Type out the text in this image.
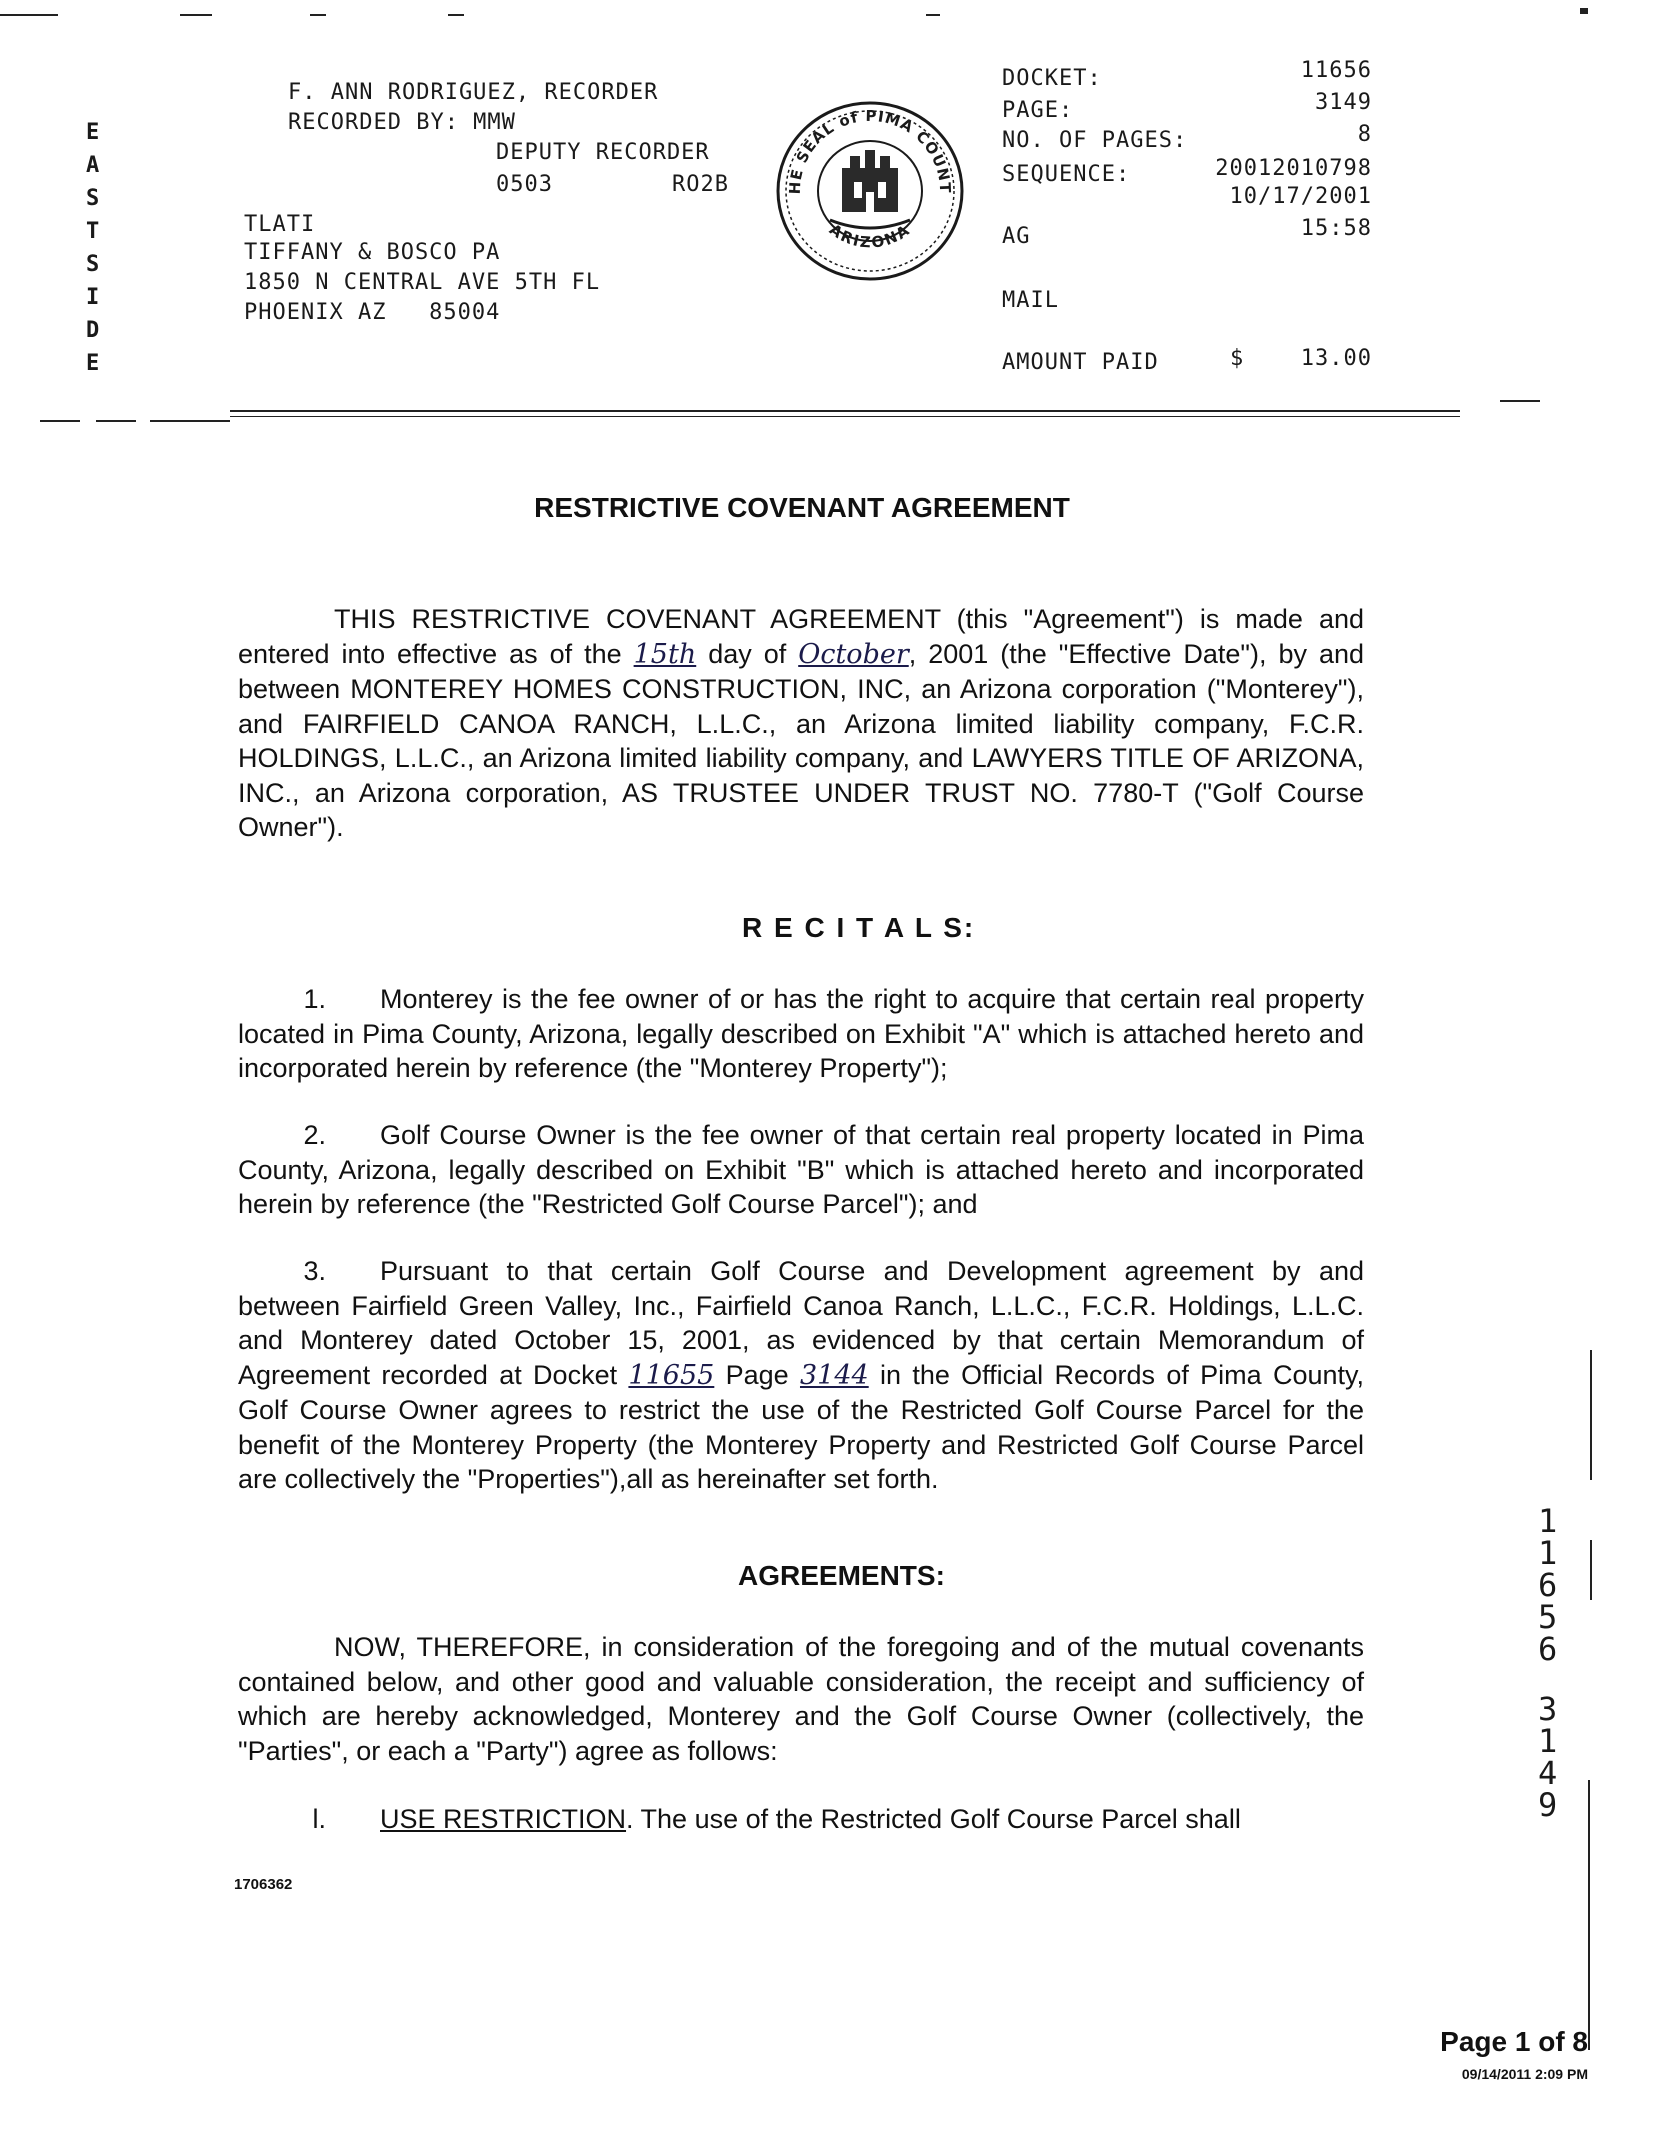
E
A
S
T
S
I
D
E
F. ANN RODRIGUEZ, RECORDER
RECORDED BY: MMW
DEPUTY RECORDER
0503	RO2B
TLATI
TIFFANY & BOSCO PA
1850 N CENTRAL AVE 5TH FL
PHOENIX AZ   85004
HE SEAL of PIMA COUNT
ARIZONA
DOCKET:	11656
PAGE:	3149
NO. OF PAGES:	8
SEQUENCE:	20012010798
10/17/2001
AG	15:58
MAIL
AMOUNT PAID	$	13.00
RESTRICTIVE COVENANT AGREEMENT
THIS RESTRICTIVE COVENANT AGREEMENT (this "Agreement") is made and entered into effective as of the 15th day of October, 2001 (the "Effective Date"), by and between MONTEREY HOMES CONSTRUCTION, INC, an Arizona corporation ("Monterey"), and FAIRFIELD CANOA RANCH, L.L.C., an Arizona limited liability company, F.C.R. HOLDINGS, L.L.C., an Arizona limited liability company, and LAWYERS TITLE OF ARIZONA, INC., an Arizona corporation, AS TRUSTEE UNDER TRUST NO. 7780-T ("Golf Course Owner").
R E C I T A L S:
1. Monterey is the fee owner of or has the right to acquire that certain real property located in Pima County, Arizona, legally described on Exhibit "A" which is attached hereto and incorporated herein by reference (the "Monterey Property");
2. Golf Course Owner is the fee owner of that certain real property located in Pima County, Arizona, legally described on Exhibit "B" which is attached hereto and incorporated herein by reference (the "Restricted Golf Course Parcel"); and
3. Pursuant to that certain Golf Course and Development agreement by and between Fairfield Green Valley, Inc., Fairfield Canoa Ranch, L.L.C., F.C.R. Holdings, L.L.C. and Monterey dated October 15, 2001, as evidenced by that certain Memorandum of Agreement recorded at Docket 11655 Page 3144 in the Official Records of Pima County, Golf Course Owner agrees to restrict the use of the Restricted Golf Course Parcel for the benefit of the Monterey Property (the Monterey Property and Restricted Golf Course Parcel are collectively the "Properties"),all as hereinafter set forth.
AGREEMENTS:
NOW, THEREFORE, in consideration of the foregoing and of the mutual covenants contained below, and other good and valuable consideration, the receipt and sufficiency of which are hereby acknowledged, Monterey and the Golf Course Owner (collectively, the "Parties", or each a "Party") agree as follows:
l. USE RESTRICTION. The use of the Restricted Golf Course Parcel shall
1706362
1
1
6
5
6
3
1
4
9
Page 1 of 8
09/14/2011 2:09 PM
